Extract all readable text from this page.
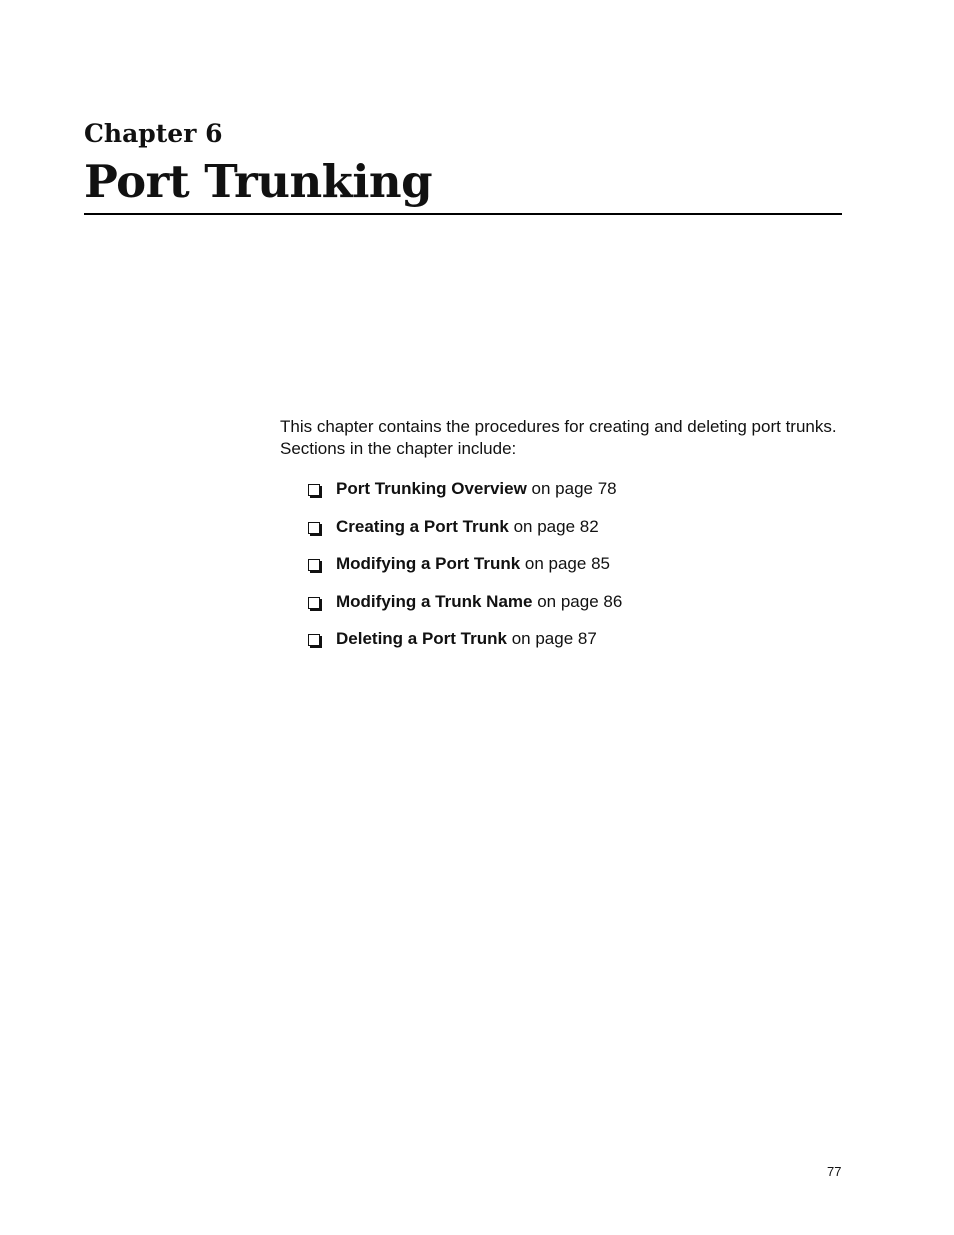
Chapter 6
Port Trunking

This chapter contains the procedures for creating and deleting port trunks. Sections in the chapter include:

Port Trunking Overview on page 78
Creating a Port Trunk on page 82
Modifying a Port Trunk on page 85
Modifying a Trunk Name on page 86
Deleting a Port Trunk on page 87
77
